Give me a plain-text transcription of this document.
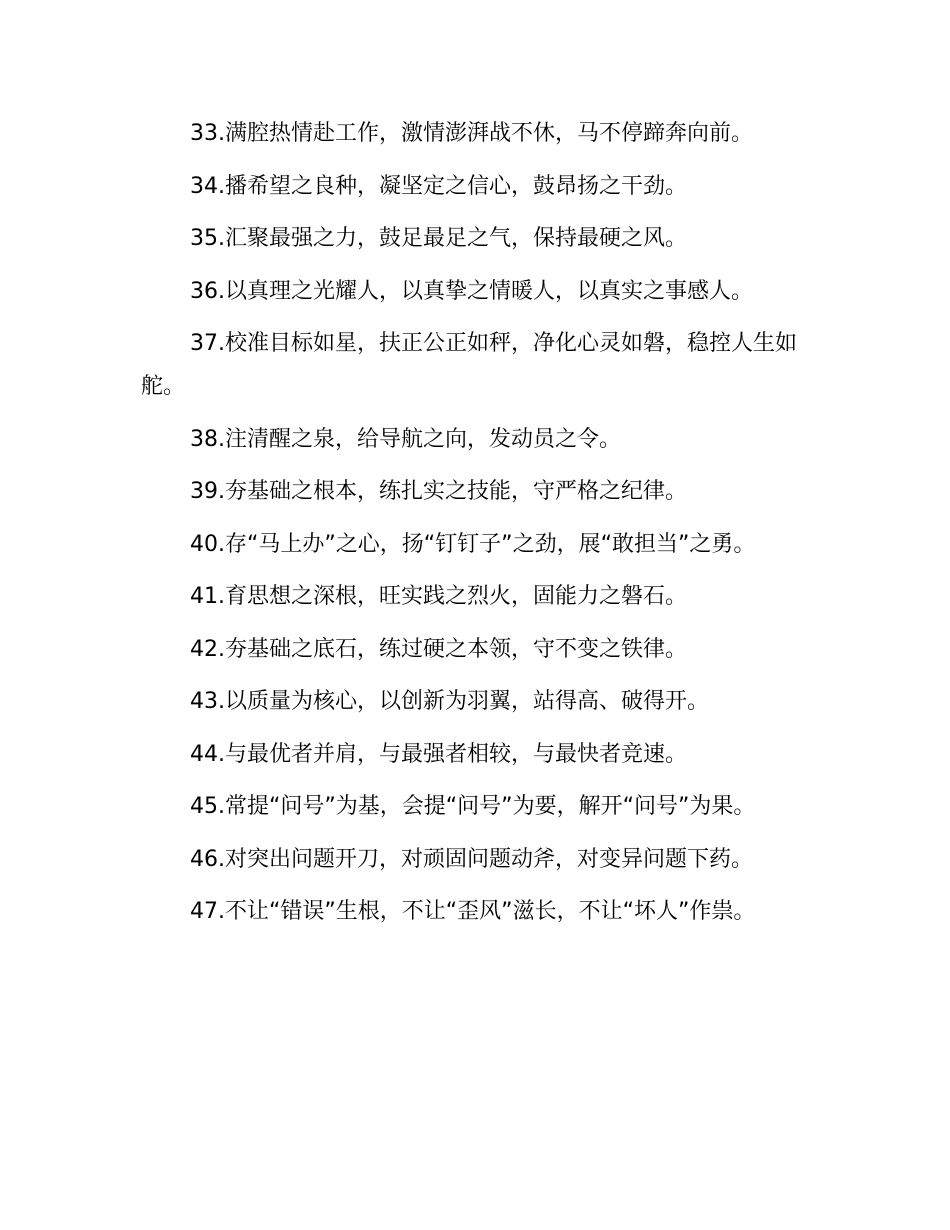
33.满腔热情赴工作，激情澎湃战不休，马不停蹄奔向前。

34.播希望之良种，凝坚定之信心，鼓昂扬之干劲。

35.汇聚最强之力，鼓足最足之气，保持最硬之风。

36.以真理之光耀人，以真挚之情暖人，以真实之事感人。

37.校准目标如星，扶正公正如秤，净化心灵如磐，稳控人生如舵。

38.注清醒之泉，给导航之向，发动员之令。

39.夯基础之根本，练扎实之技能，守严格之纪律。

40.存“马上办”之心，扬“钉钉子”之劲，展“敢担当”之勇。

41.育思想之深根，旺实践之烈火，固能力之磐石。

42.夯基础之底石，练过硬之本领，守不变之铁律。

43.以质量为核心，以创新为羽翼，站得高、破得开。

44.与最优者并肩，与最强者相较，与最快者竞速。

45.常提“问号”为基，会提“问号”为要，解开“问号”为果。

46.对突出问题开刀，对顽固问题动斧，对变异问题下药。

47.不让“错误”生根，不让“歪风”滋长，不让“坏人”作祟。
